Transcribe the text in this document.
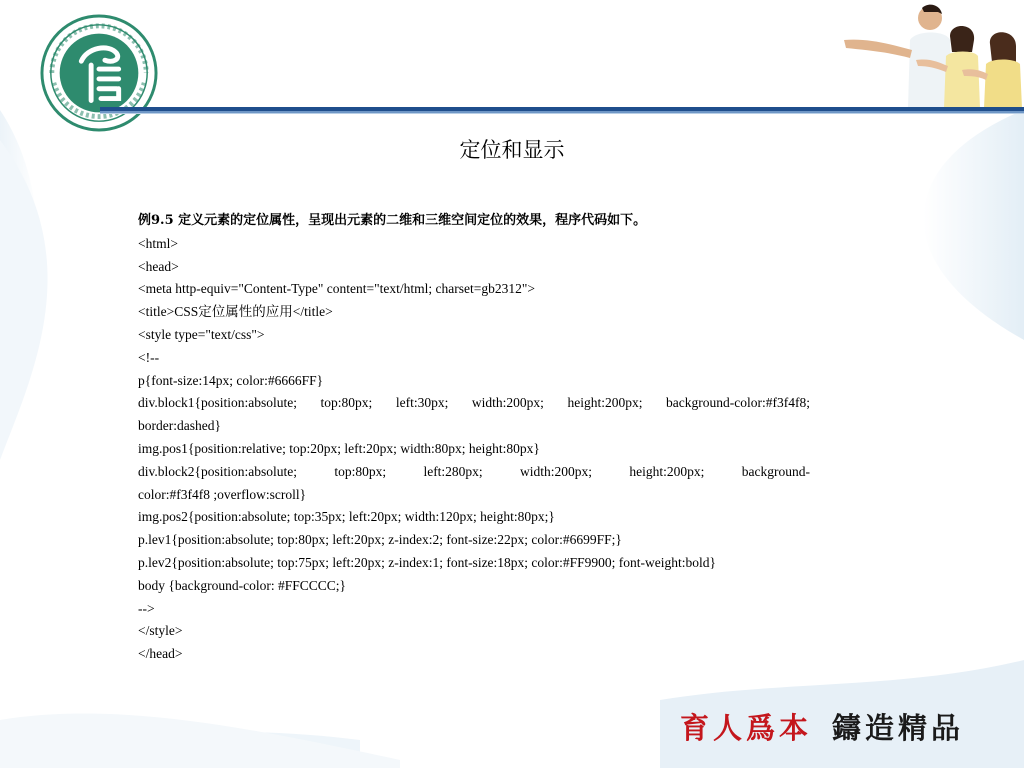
定位和显示
例9.5 定义元素的定位属性，呈现出元素的二维和三维空间定位的效果，程序代码如下。
<html>
<head>
<meta http-equiv="Content-Type" content="text/html; charset=gb2312">
<title>CSS定位属性的应用</title>
<style type="text/css">
<!--
p{font-size:14px; color:#6666FF}
div.block1{position:absolute; top:80px; left:30px; width:200px; height:200px; background-color:#f3f4f8;
border:dashed}
img.pos1{position:relative; top:20px; left:20px; width:80px; height:80px}
div.block2{position:absolute; top:80px; left:280px; width:200px; height:200px; background-
color:#f3f4f8 ;overflow:scroll}
img.pos2{position:absolute; top:35px; left:20px; width:120px; height:80px;}
p.lev1{position:absolute; top:80px; left:20px; z-index:2; font-size:22px; color:#6699FF;}
p.lev2{position:absolute; top:75px; left:20px; z-index:1; font-size:18px; color:#FF9900; font-weight:bold}
body {background-color: #FFCCCC;}
-->
</style>
</head>
育人爲本 鑄造精品
